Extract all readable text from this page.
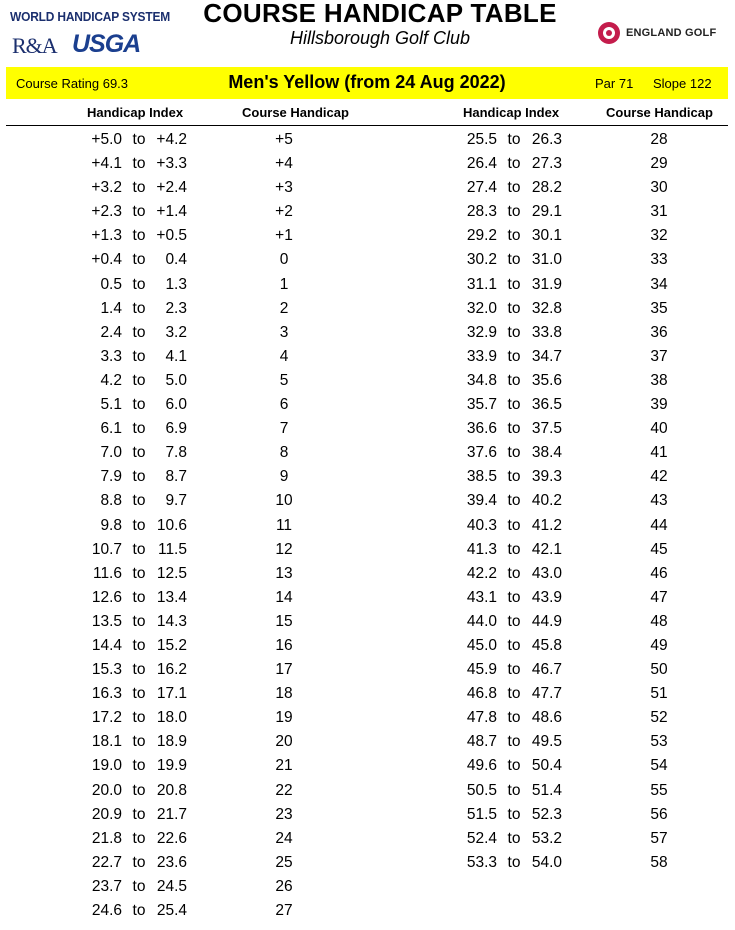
WORLD HANDICAP SYSTEM
R&A USGA
COURSE HANDICAP TABLE
Hillsborough Golf Club	ENGLAND GOLF
Course Rating 69.3	Men's Yellow (from 24 Aug 2022)	Par 71 Slope 122
Handicap Index	Course Handicap	Handicap Index	Course Handicap
+5.0 to +4.2	+5
+4.1 to +3.3	+4
+3.2 to +2.4	+3
+2.3 to +1.4	+2
+1.3 to +0.5	+1
+0.4 to	0.4	0
0.5 to	1.3	1
1.4 to	2.3	2
2.4 to	3.2	3
3.3 to	4.1	4
4.2 to	5.0	5
5.1 to	6.0	6
6.1 to	6.9	7
7.0 to	7.8	8
7.9 to	8.7	9
8.8 to	9.7	10
9.8 to 10.6	11
10.7 to 11.5	12
11.6 to 12.5	13
12.6 to 13.4	14
13.5 to 14.3	15
14.4 to 15.2	16
15.3 to 16.2	17
16.3 to 17.1	18
17.2 to 18.0	19
18.1 to 18.9	20
19.0 to 19.9	21
20.0 to 20.8	22
20.9 to 21.7	23
21.8 to 22.6	24
22.7 to 23.6	25
23.7 to 24.5	26
24.6 to 25.4	27
25.5 to 26.3	28
26.4 to 27.3	29
27.4 to 28.2	30
28.3 to 29.1	31
29.2 to 30.1	32
30.2 to 31.0	33
31.1 to 31.9	34
32.0 to 32.8	35
32.9 to 33.8	36
33.9 to 34.7	37
34.8 to 35.6	38
35.7 to 36.5	39
36.6 to 37.5	40
37.6 to 38.4	41
38.5 to 39.3	42
39.4 to 40.2	43
40.3 to 41.2	44
41.3 to 42.1	45
42.2 to 43.0	46
43.1 to 43.9	47
44.0 to 44.9	48
45.0 to 45.8	49
45.9 to 46.7	50
46.8 to 47.7	51
47.8 to 48.6	52
48.7 to 49.5	53
49.6 to 50.4	54
50.5 to 51.4	55
51.5 to 52.3	56
52.4 to 53.2	57
53.3 to 54.0	58
